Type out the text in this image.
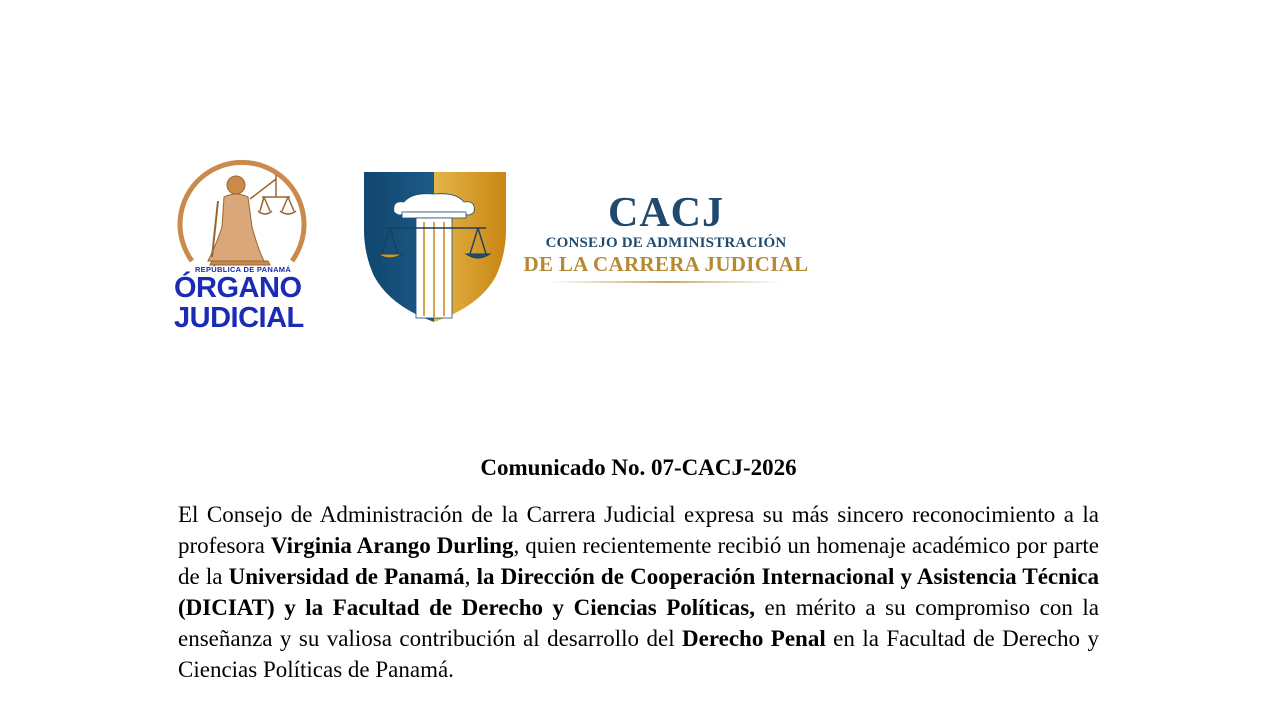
REPÚBLICA DE PANAMÁ
ÓRGANO
JUDICIAL
CACJ
CONSEJO DE ADMINISTRACIÓN
DE LA CARRERA JUDICIAL
Comunicado No. 07-CACJ-2026

El Consejo de Administración de la Carrera Judicial expresa su más sincero reconocimiento a la profesora Virginia Arango Durling, quien recientemente recibió un homenaje académico por parte de la Universidad de Panamá, la Dirección de Cooperación Internacional y Asistencia Técnica (DICIAT) y la Facultad de Derecho y Ciencias Políticas, en mérito a su compromiso con la enseñanza y su valiosa contribución al desarrollo del Derecho Penal en la Facultad de Derecho y Ciencias Políticas de Panamá.
